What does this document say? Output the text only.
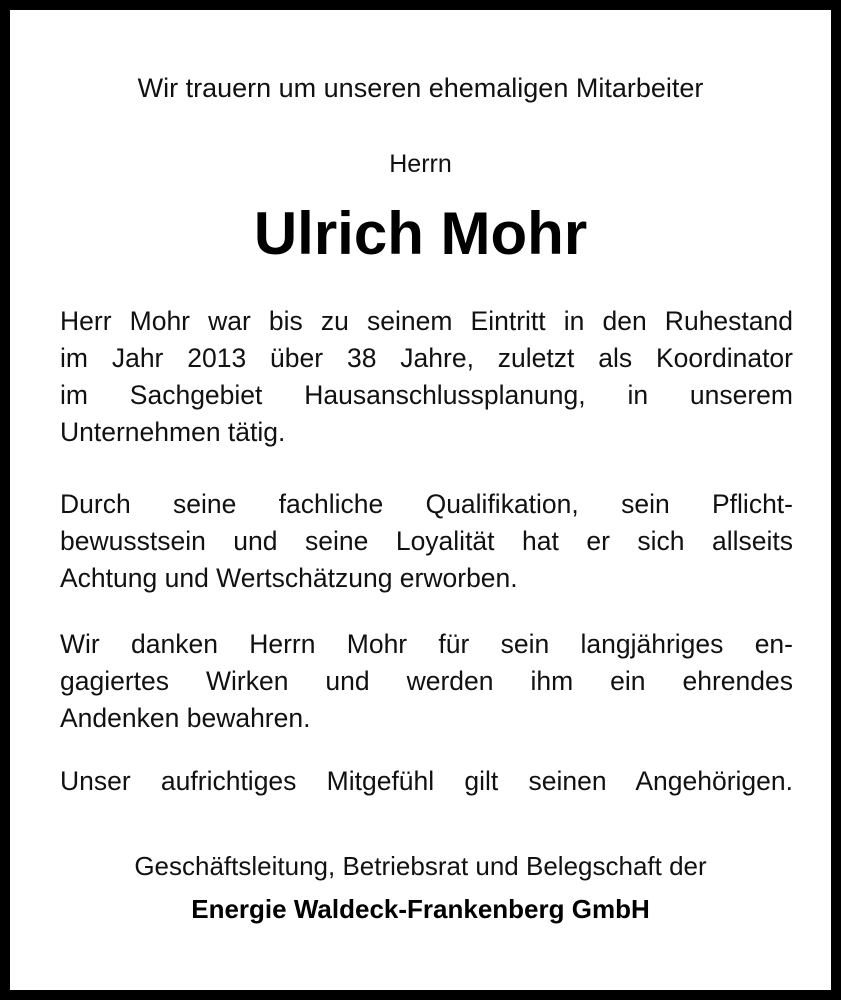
Wir trauern um unseren ehemaligen Mitarbeiter
Herrn
Ulrich Mohr
Herr Mohr war bis zu seinem Eintritt in den Ruhestand
im Jahr 2013 über 38 Jahre, zuletzt als Koordinator
im Sachgebiet Hausanschlussplanung, in unserem
Unternehmen tätig.
Durch seine fachliche Qualifikation, sein Pflicht-
bewusstsein und seine Loyalität hat er sich allseits
Achtung und Wertschätzung erworben.
Wir danken Herrn Mohr für sein langjähriges en-
gagiertes Wirken und werden ihm ein ehrendes
Andenken bewahren.
Unser aufrichtiges Mitgefühl gilt seinen Angehörigen.
Geschäftsleitung, Betriebsrat und Belegschaft der
Energie Waldeck-Frankenberg GmbH
